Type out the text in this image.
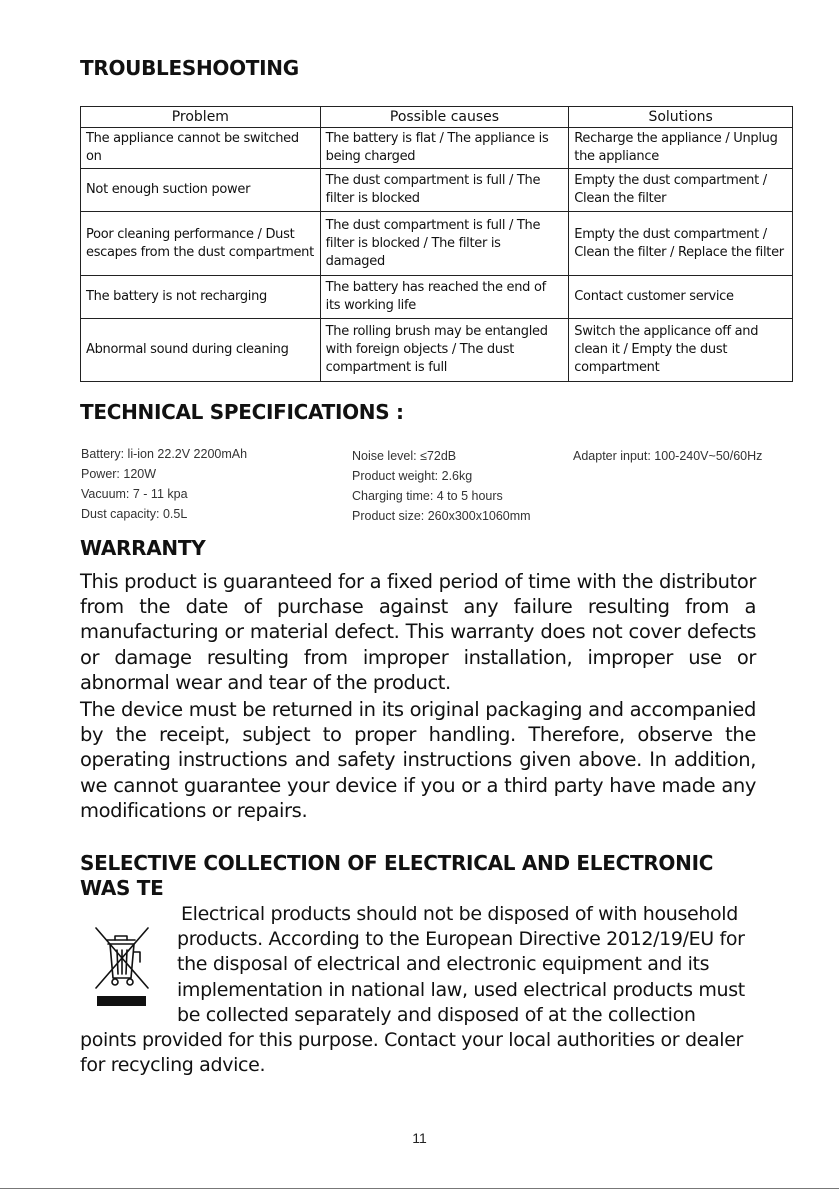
TROUBLESHOOTING
Problem	Possible causes	Solutions
The appliance cannot be switched on	The battery is flat / The appliance is being charged	Recharge the appliance / Unplug the appliance
Not enough suction power	The dust compartment is full / The filter is blocked	Empty the dust compartment / Clean the filter
Poor cleaning performance / Dust escapes from the dust compartment	The dust compartment is full / The filter is blocked / The filter is damaged	Empty the dust compartment / Clean the filter / Replace the filter
The battery is not recharging	The battery has reached the end of its working life	Contact customer service
Abnormal sound during cleaning	The rolling brush may be entangled with foreign objects / The dust compartment is full	Switch the applicance off and clean it / Empty the dust compartment
TECHNICAL SPECIFICATIONS :
Battery: li-ion 22.2V 2200mAh
Power: 120W
Vacuum: 7 - 11 kpa
Dust capacity: 0.5L
Noise level: ≤72dB
Product weight: 2.6kg
Charging time: 4 to 5 hours
Product size: 260x300x1060mm
Adapter input: 100-240V~50/60Hz
WARRANTY

This product is guaranteed for a fixed period of time with the distributor from the date of purchase against any failure resulting from a manufacturing or material defect. This warranty does not cover defects or damage resulting from improper installation, improper use or abnormal wear and tear of the product.

The device must be returned in its original packaging and accompanied by the receipt, subject to proper handling. Therefore, observe the operating instructions and safety instructions given above. In addition, we cannot guarantee your device if you or a third party have made any modifications or repairs.

SELECTIVE COLLECTION OF ELECTRICAL AND ELECTRONIC
WAS TE
Electrical products should not be disposed of with household
products. According to the European Directive 2012/19/EU for
the disposal of electrical and electronic equipment and its
implementation in national law, used electrical products must
be collected separately and disposed of at the collection
points provided for this purpose. Contact your local authorities or dealer
for recycling advice.
11
